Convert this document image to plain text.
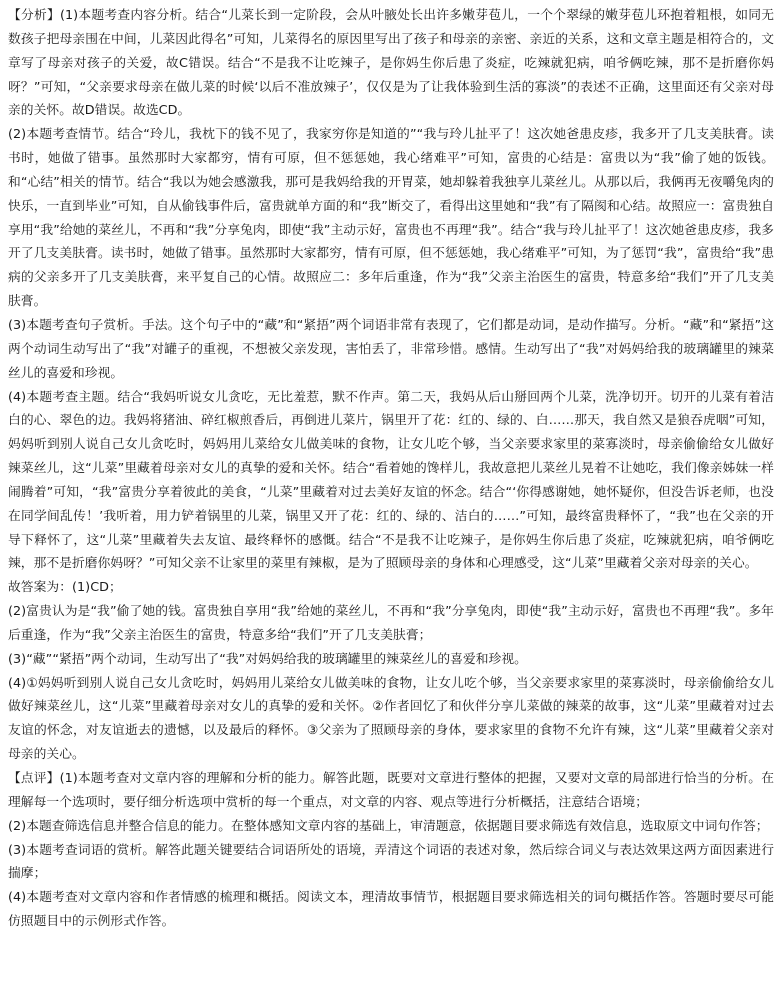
【分析】(1)本题考查内容分析。结合“儿菜长到一定阶段，会从叶腋处长出许多嫩芽苞儿，一个个翠绿的嫩芽苞儿环抱着粗根，如同无数孩子把母亲围在中间，儿菜因此得名”可知，儿菜得名的原因里写出了孩子和母亲的亲密、亲近的关系，这和文章主题是相符合的，文章写了母亲对孩子的关爱，故C错误。结合“不是我不让吃辣子，是你妈生你后患了炎症，吃辣就犯病，咱爷俩吃辣，那不是折磨你妈呀？”可知，“父亲要求母亲在做儿菜的时候‘以后不准放辣子’，仅仅是为了让我体验到生活的寡淡”的表述不正确，这里面还有父亲对母亲的关怀。故D错误。故选CD。

(2)本题考查情节。结合“玲儿，我枕下的钱不见了，我家穷你是知道的”“我与玲儿扯平了！这次她爸患皮疹，我多开了几支美肤膏。读书时，她做了错事。虽然那时大家都穷，情有可原，但不惩惩她，我心绪难平”可知，富贵的心结是：富贵以为“我”偷了她的饭钱。和“心结”相关的情节。结合“我以为她会感激我，那可是我妈给我的开胃菜，她却躲着我独享儿菜丝儿。从那以后，我俩再无夜嚼兔肉的快乐，一直到毕业”可知，自从偷钱事件后，富贵就单方面的和“我”断交了，看得出这里她和“我”有了隔阂和心结。故照应一：富贵独自享用“我”给她的菜丝儿，不再和“我”分享兔肉，即使“我”主动示好，富贵也不再理“我”。结合“我与玲儿扯平了！这次她爸患皮疹，我多开了几支美肤膏。读书时，她做了错事。虽然那时大家都穷，情有可原，但不惩惩她，我心绪难平”可知，为了惩罚“我”，富贵给“我”患病的父亲多开了几支美肤膏，来平复自己的心情。故照应二：多年后重逢，作为“我”父亲主治医生的富贵，特意多给“我们”开了几支美肤膏。

(3)本题考查句子赏析。手法。这个句子中的“藏”和“紧捂”两个词语非常有表现了，它们都是动词，是动作描写。分析。“藏”和“紧捂”这两个动词生动写出了“我”对罐子的重视，不想被父亲发现，害怕丢了，非常珍惜。感情。生动写出了“我”对妈妈给我的玻璃罐里的辣菜丝儿的喜爱和珍视。

(4)本题考查主题。结合“我妈听说女儿贪吃，无比羞惹，默不作声。第二天，我妈从后山掰回两个儿菜，洗净切开。切开的儿菜有着洁白的心、翠色的边。我妈将猪油、碎红椒煎香后，再倒进儿菜片，锅里开了花：红的、绿的、白……那天，我自然又是狼吞虎咽”可知，妈妈听到别人说自己女儿贪吃时，妈妈用儿菜给女儿做美味的食物，让女儿吃个够，当父亲要求家里的菜寡淡时，母亲偷偷给女儿做好辣菜丝儿，这“儿菜”里藏着母亲对女儿的真挚的爱和关怀。结合“看着她的馋样儿，我故意把儿菜丝儿晃着不让她吃，我们像亲姊妹一样闹腾着”可知，“我”富贵分享着彼此的美食，“儿菜”里藏着对过去美好友谊的怀念。结合“‘你得感谢她，她怀疑你，但没告诉老师，也没在同学间乱传！’我听着，用力铲着锅里的儿菜，锅里又开了花：红的、绿的、洁白的……”可知，最终富贵释怀了，“我”也在父亲的开导下释怀了，这“儿菜”里藏着失去友谊、最终释怀的感慨。结合“不是我不让吃辣子，是你妈生你后患了炎症，吃辣就犯病，咱爷俩吃辣，那不是折磨你妈呀？”可知父亲不让家里的菜里有辣椒，是为了照顾母亲的身体和心理感受，这“儿菜”里藏着父亲对母亲的关心。

故答案为：(1)CD；

(2)富贵认为是“我”偷了她的钱。富贵独自享用“我”给她的菜丝儿，不再和“我”分享兔肉，即使“我”主动示好，富贵也不再理“我”。多年后重逢，作为“我”父亲主治医生的富贵，特意多给“我们”开了几支美肤膏；

(3)“藏”“紧捂”两个动词，生动写出了“我”对妈妈给我的玻璃罐里的辣菜丝儿的喜爱和珍视。

(4)①妈妈听到别人说自己女儿贪吃时，妈妈用儿菜给女儿做美味的食物，让女儿吃个够，当父亲要求家里的菜寡淡时，母亲偷偷给女儿做好辣菜丝儿，这“儿菜”里藏着母亲对女儿的真挚的爱和关怀。②作者回忆了和伙伴分享儿菜做的辣菜的故事，这“儿菜”里藏着对过去友谊的怀念，对友谊逝去的遗憾，以及最后的释怀。③父亲为了照顾母亲的身体，要求家里的食物不允许有辣，这“儿菜”里藏着父亲对母亲的关心。

【点评】(1)本题考查对文章内容的理解和分析的能力。解答此题，既要对文章进行整体的把握，又要对文章的局部进行恰当的分析。在理解每一个选项时，要仔细分析选项中赏析的每一个重点，对文章的内容、观点等进行分析概括，注意结合语境；

(2)本题查筛选信息并整合信息的能力。在整体感知文章内容的基础上，审清题意，依据题目要求筛选有效信息，选取原文中词句作答；

(3)本题考查词语的赏析。解答此题关键要结合词语所处的语境，弄清这个词语的表述对象，然后综合词义与表达效果这两方面因素进行揣摩；

(4)本题考查对文章内容和作者情感的梳理和概括。阅读文本，理清故事情节，根据题目要求筛选相关的词句概括作答。答题时要尽可能仿照题目中的示例形式作答。
